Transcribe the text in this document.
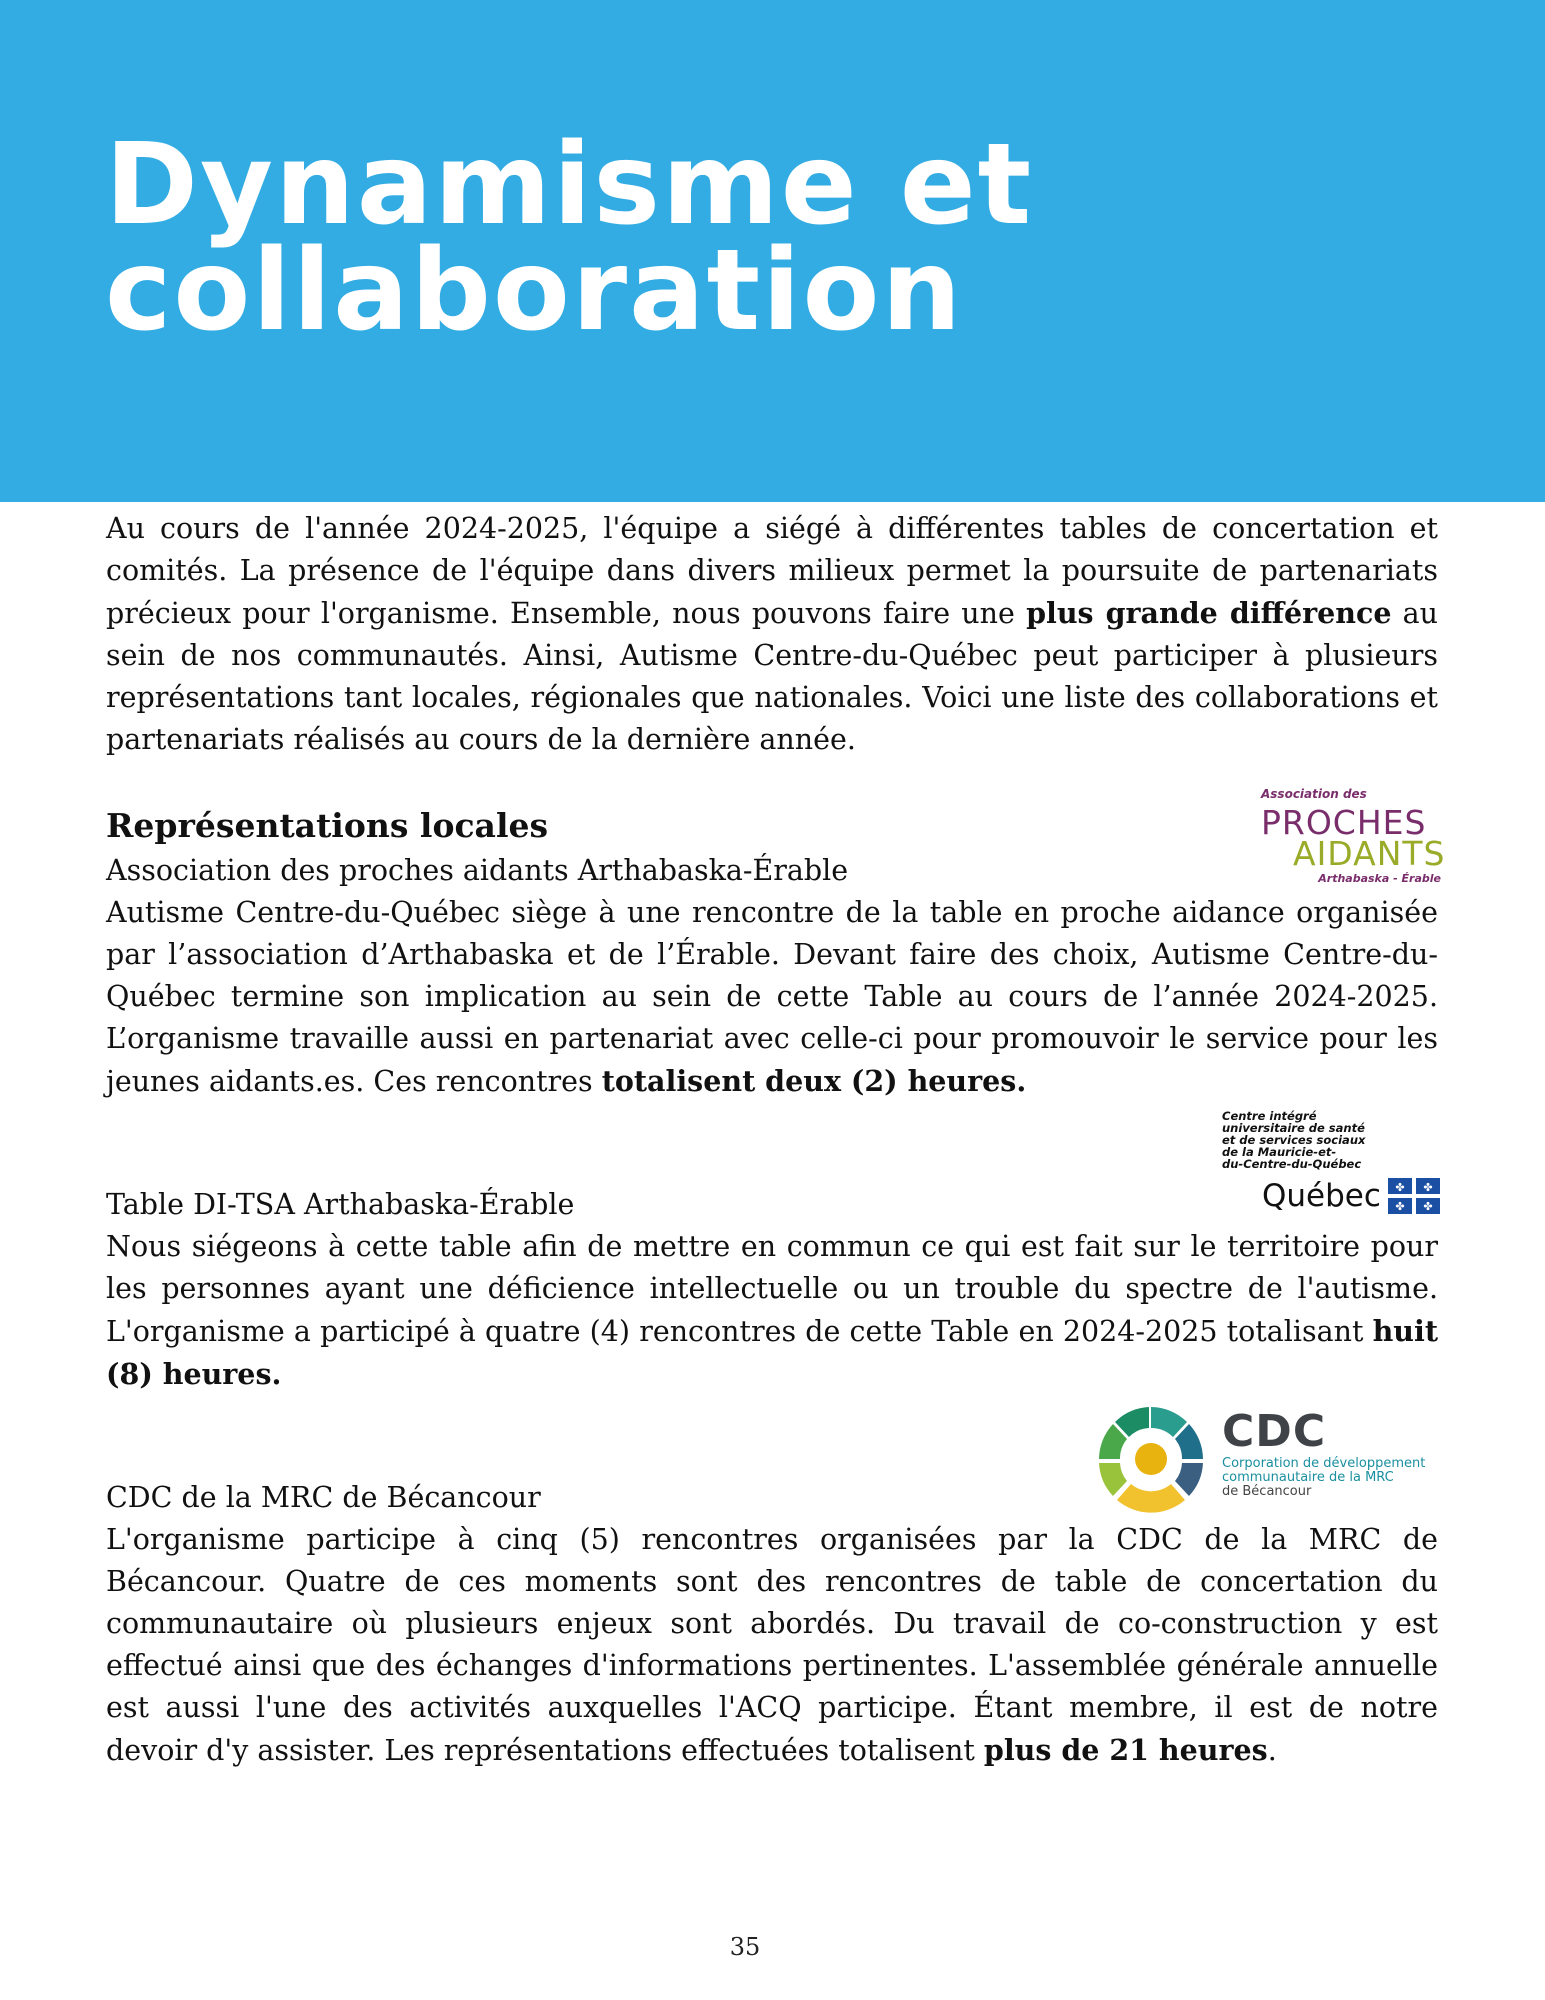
Dynamisme et
collaboration

Au cours de l'année 2024-2025, l'équipe a siégé à différentes tables de concertation et comités. La présence de l'équipe dans divers milieux permet la poursuite de partenariats précieux pour l'organisme. Ensemble, nous pouvons faire une plus grande différence au sein de nos communautés. Ainsi, Autisme Centre-du-Québec peut participer à plusieurs représentations tant locales, régionales que nationales. Voici une liste des collaborations et partenariats réalisés au cours de la dernière année.

Représentations locales

Association des proches aidants Arthabaska-Érable

Autisme Centre-du-Québec siège à une rencontre de la table en proche aidance organisée par l’association d’Arthabaska et de l’Érable. Devant faire des choix, Autisme Centre-du-Québec termine son implication au sein de cette Table au cours de l’année 2024-2025. L’organisme travaille aussi en partenariat avec celle-ci pour promouvoir le service pour les jeunes aidants.es. Ces rencontres totalisent deux (2) heures.

Table DI-TSA Arthabaska-Érable

Nous siégeons à cette table afin de mettre en commun ce qui est fait sur le territoire pour les personnes ayant une déficience intellectuelle ou un trouble du spectre de l'autisme. L'organisme a participé à quatre (4) rencontres de cette Table en 2024-2025 totalisant huit (8) heures.

CDC de la MRC de Bécancour

L'organisme participe à cinq (5) rencontres organisées par la CDC de la MRC de Bécancour. Quatre de ces moments sont des rencontres de table de concertation du communautaire où plusieurs enjeux sont abordés. Du travail de co-construction y est effectué ainsi que des échanges d'informations pertinentes. L'assemblée générale annuelle est aussi l'une des activités auxquelles l'ACQ participe. Étant membre, il est de notre devoir d'y assister. Les représentations effectuées totalisent plus de 21 heures.

Association des
PROCHES
AIDANTS
Arthabaska - Érable
Centre intégré
universitaire de santé
et de services sociaux
de la Mauricie-et-
du-Centre-du-Québec
Québec ✤ ✤
✤ ✤
CDC
Corporation de développement
communautaire de la MRC
de Bécancour
35
